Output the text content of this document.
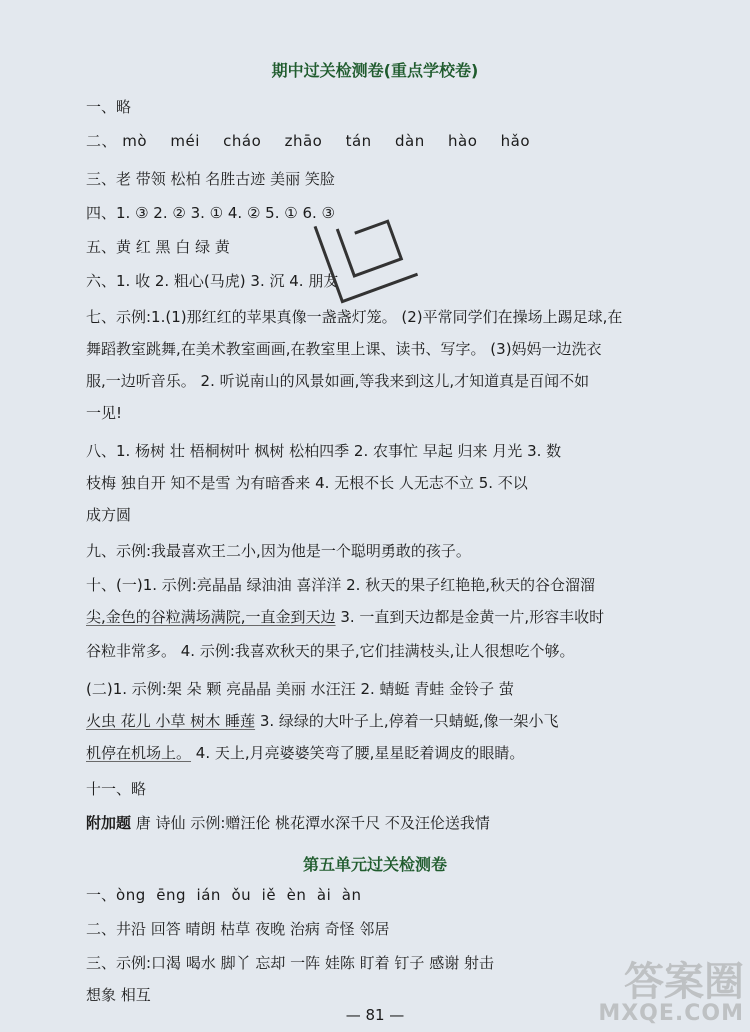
期中过关检测卷(重点学校卷)
一、略
二、 mò méi cháo zhāo tán dàn hào hǎo
三、老 带领 松柏 名胜古迹 美丽 笑脸
四、1. ③ 2. ② 3. ① 4. ② 5. ① 6. ③
五、黄 红 黑 白 绿 黄
六、1. 收 2. 粗心(马虎) 3. 沉 4. 朋友
七、示例:1.(1)那红红的苹果真像一盏盏灯笼。 (2)平常同学们在操场上踢足球,在
舞蹈教室跳舞,在美术教室画画,在教室里上课、读书、写字。 (3)妈妈一边洗衣
服,一边听音乐。 2. 听说南山的风景如画,等我来到这儿,才知道真是百闻不如
一见!
八、1. 杨树 壮 梧桐树叶 枫树 松柏四季 2. 农事忙 早起 归来 月光 3. 数
枝梅 独自开 知不是雪 为有暗香来 4. 无根不长 人无志不立 5. 不以
成方圆
九、示例:我最喜欢王二小,因为他是一个聪明勇敢的孩子。
十、(一)1. 示例:亮晶晶 绿油油 喜洋洋 2. 秋天的果子红艳艳,秋天的谷仓溜溜
尖,金色的谷粒满场满院,一直金到天边 3. 一直到天边都是金黄一片,形容丰收时
谷粒非常多。 4. 示例:我喜欢秋天的果子,它们挂满枝头,让人很想吃个够。
(二)1. 示例:架 朵 颗 亮晶晶 美丽 水汪汪 2. 蜻蜓 青蛙 金铃子 萤
火虫 花儿 小草 树木 睡莲 3. 绿绿的大叶子上,停着一只蜻蜓,像一架小飞
机停在机场上。 4. 天上,月亮婆婆笑弯了腰,星星眨着调皮的眼睛。
十一、略
附加题 唐 诗仙 示例:赠汪伦 桃花潭水深千尺 不及汪伦送我情
第五单元过关检测卷
一、òng  ēng  ián  ǒu  iě  èn  ài  àn
二、井沿 回答 晴朗 枯草 夜晚 治病 奇怪 邻居
三、示例:口渴 喝水 脚丫 忘却 一阵 娃陈 盯着 钉子 感谢 射击
想象 相互
— 81 —
答案圈
MXQE.COM
